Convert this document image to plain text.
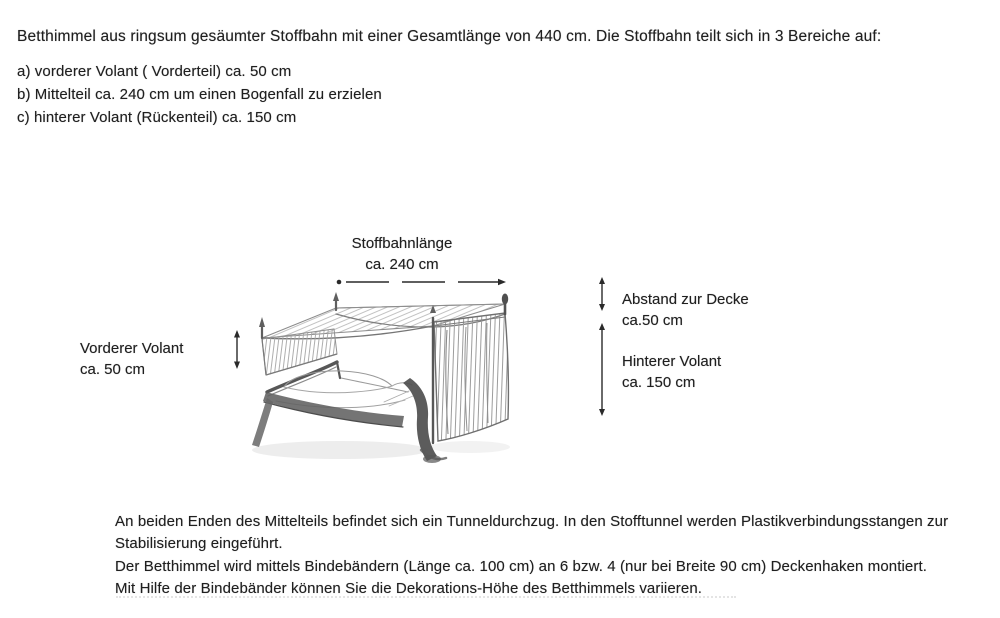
Betthimmel aus ringsum gesäumter Stoffbahn mit einer Gesamtlänge von 440 cm. Die Stoffbahn teilt sich in 3 Bereiche auf:
a) vorderer Volant ( Vorderteil) ca. 50 cm
b) Mittelteil ca. 240 cm um einen Bogenfall zu erzielen
c) hinterer Volant (Rückenteil) ca. 150 cm
Stoffbahnlänge
ca. 240 cm
Vorderer Volant
ca. 50 cm
Abstand zur Decke
ca.50 cm
Hinterer Volant
ca. 150 cm
An beiden Enden des Mittelteils befindet sich ein Tunneldurchzug. In den Stofftunnel werden Plastikverbindungsstangen zur
Stabilisierung eingeführt.
Der Betthimmel wird mittels Bindebändern (Länge ca. 100 cm) an 6 bzw. 4 (nur bei Breite 90 cm) Deckenhaken montiert.
Mit Hilfe der Bindebänder können Sie die Dekorations-Höhe des Betthimmels variieren.
